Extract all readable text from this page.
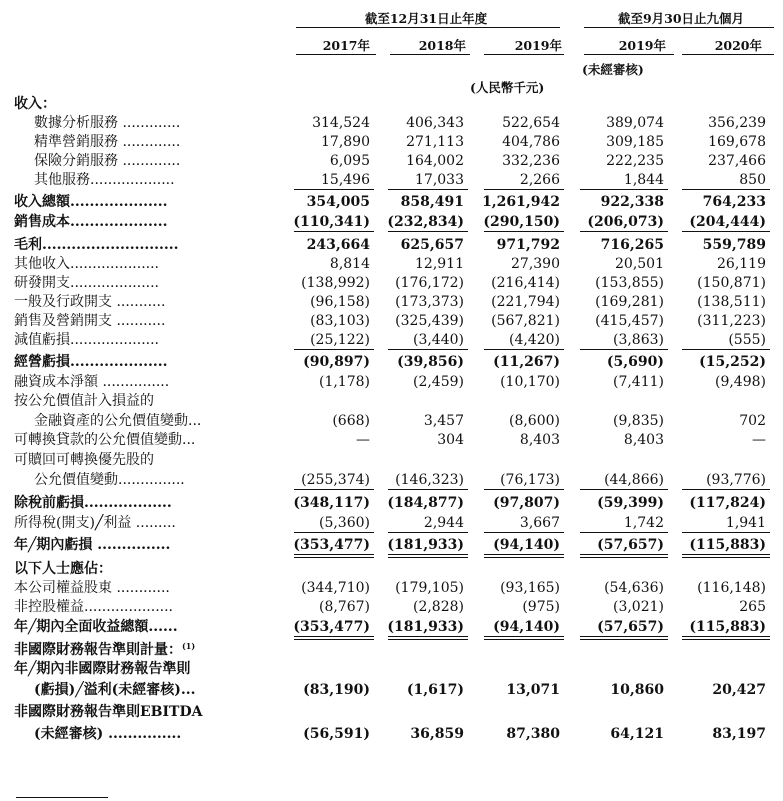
截至12月31日止年度	截至9月30日止九個月
2017年	2018年	2019年	2019年	2020年
(未經審核)
(人民幣千元)
收入：
數據分析服務 .............	314,524	406,343	522,654	389,074	356,239
精準營銷服務 .............	17,890	271,113	404,786	309,185	169,678
保險分銷服務 .............	6,095	164,002	332,236	222,235	237,466
其他服務...................	15,496	17,033	2,266	1,844	850
收入總額....................	354,005	858,491	1,261,942	922,338	764,233
銷售成本....................	(110,341)	(232,834)	(290,150)	(206,073)	(204,444)
毛利............................	243,664	625,657	971,792	716,265	559,789
其他收入....................	8,814	12,911	27,390	20,501	26,119
研發開支....................	(138,992)	(176,172)	(216,414)	(153,855)	(150,871)
一般及行政開支 ...........	(96,158)	(173,373)	(221,794)	(169,281)	(138,511)
銷售及營銷開支 ...........	(83,103)	(325,439)	(567,821)	(415,457)	(311,223)
減值虧損....................	(25,122)	(3,440)	(4,420)	(3,863)	(555)
經營虧損....................	(90,897)	(39,856)	(11,267)	(5,690)	(15,252)
融資成本淨額 ...............	(1,178)	(2,459)	(10,170)	(7,411)	(9,498)
按公允價值計入損益的
金融資產的公允價值變動...	(668)	3,457	(8,600)	(9,835)	702
可轉換貸款的公允價值變動...	—	304	8,403	8,403	—
可贖回可轉換優先股的
公允價值變動...............	(255,374)	(146,323)	(76,173)	(44,866)	(93,776)
除稅前虧損..................	(348,117)	(184,877)	(97,807)	(59,399)	(117,824)
所得稅(開支)╱利益 .........	(5,360)	2,944	3,667	1,742	1,941
年╱期內虧損 ...............	(353,477)	(181,933)	(94,140)	(57,657)	(115,883)
以下人士應佔：
本公司權益股東 ............	(344,710)	(179,105)	(93,165)	(54,636)	(116,148)
非控股權益....................	(8,767)	(2,828)	(975)	(3,021)	265
年╱期內全面收益總額......	(353,477)	(181,933)	(94,140)	(57,657)	(115,883)
非國際財務報告準則計量：$^{(1)}$
年╱期內非國際財務報告準則
(虧損)╱溢利(未經審核)...	(83,190)	(1,617)	13,071	10,860	20,427
非國際財務報告準則EBITDA
(未經審核) ...............	(56,591)	36,859	87,380	64,121	83,197
